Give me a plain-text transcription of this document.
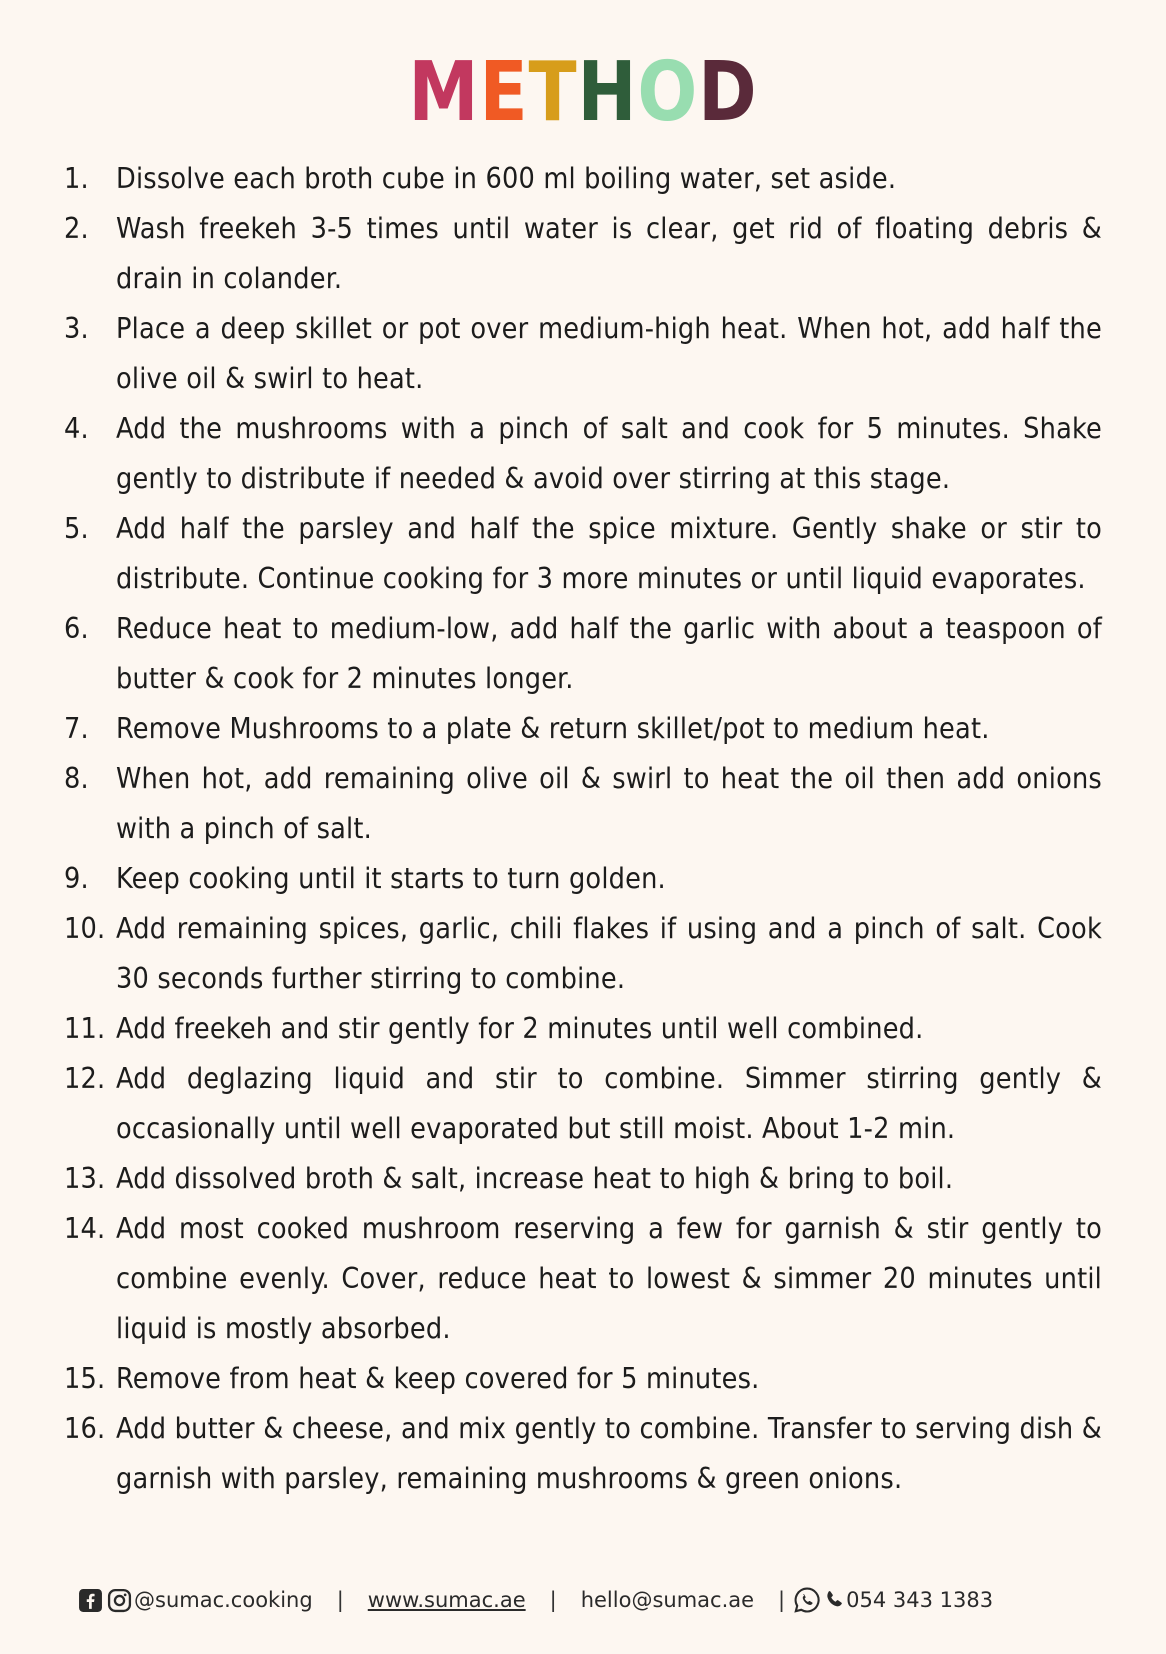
METHOD
1. Dissolve each broth cube in 600 ml boiling water, set aside.
2. Wash freekeh 3-5 times until water is clear, get rid of floating debris & drain in colander.
3. Place a deep skillet or pot over medium-high heat. When hot, add half the olive oil & swirl to heat.
4. Add the mushrooms with a pinch of salt and cook for 5 minutes. Shake gently to distribute if needed & avoid over stirring at this stage.
5. Add half the parsley and half the spice mixture. Gently shake or stir to distribute. Continue cooking for 3 more minutes or until liquid evaporates.
6. Reduce heat to medium-low, add half the garlic with about a teaspoon of butter & cook for 2 minutes longer.
7. Remove Mushrooms to a plate & return skillet/pot to medium heat.
8. When hot, add remaining olive oil & swirl to heat the oil then add onions with a pinch of salt.
9. Keep cooking until it starts to turn golden.
10. Add remaining spices, garlic, chili flakes if using and a pinch of salt. Cook 30 seconds further stirring to combine.
11. Add freekeh and stir gently for 2 minutes until well combined.
12. Add deglazing liquid and stir to combine. Simmer stirring gently & occasionally until well evaporated but still moist. About 1-2 min.
13. Add dissolved broth & salt, increase heat to high & bring to boil.
14. Add most cooked mushroom reserving a few for garnish & stir gently to combine evenly. Cover, reduce heat to lowest & simmer 20 minutes until liquid is mostly absorbed.
15. Remove from heat & keep covered for 5 minutes.
16. Add butter & cheese, and mix gently to combine. Transfer to serving dish & garnish with parsley, remaining mushrooms & green onions.
@sumac.cooking | www.sumac.ae | hello@sumac.ae |	054 343 1383
